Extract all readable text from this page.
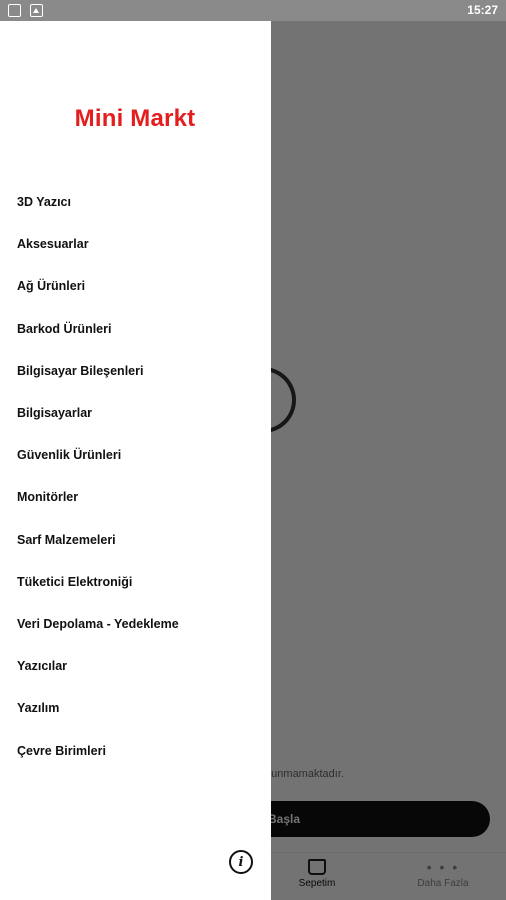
15:27
Mini Markt
3D Yazıcı
Aksesuarlar
Ağ Ürünleri
Barkod Ürünleri
Bilgisayar Bileşenleri
Bilgisayarlar
Güvenlik Ürünleri
Monitörler
Sarf Malzemeleri
Tüketici Elektroniği
Veri Depolama - Yedekleme
Yazıcılar
Yazılım
Çevre Birimleri
i
